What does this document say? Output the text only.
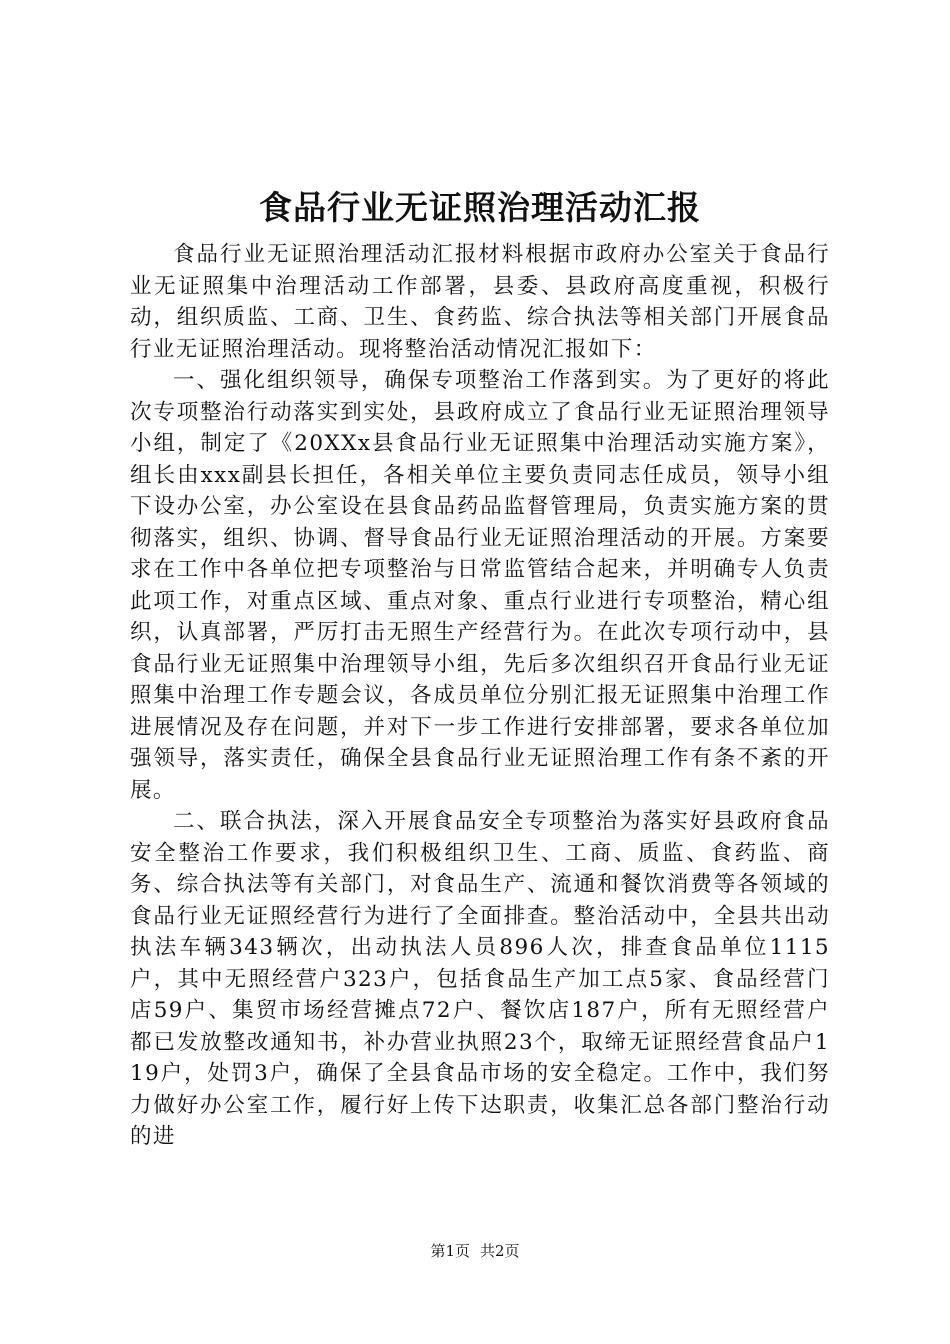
食品行业无证照治理活动汇报

食品行业无证照治理活动汇报材料根据市政府办公室关于食品行业无证照集中治理活动工作部署，县委、县政府高度重视，积极行动，组织质监、工商、卫生、食药监、综合执法等相关部门开展食品行业无证照治理活动。现将整治活动情况汇报如下：

一、强化组织领导，确保专项整治工作落到实。为了更好的将此次专项整治行动落实到实处，县政府成立了食品行业无证照治理领导小组，制定了《20XXx县食品行业无证照集中治理活动实施方案》，组长由xxx副县长担任，各相关单位主要负责同志任成员，领导小组下设办公室，办公室设在县食品药品监督管理局，负责实施方案的贯彻落实，组织、协调、督导食品行业无证照治理活动的开展。方案要求在工作中各单位把专项整治与日常监管结合起来，并明确专人负责此项工作，对重点区域、重点对象、重点行业进行专项整治，精心组织，认真部署，严厉打击无照生产经营行为。在此次专项行动中，县食品行业无证照集中治理领导小组，先后多次组织召开食品行业无证照集中治理工作专题会议，各成员单位分别汇报无证照集中治理工作进展情况及存在问题，并对下一步工作进行安排部署，要求各单位加强领导，落实责任，确保全县食品行业无证照治理工作有条不紊的开展。

二、联合执法，深入开展食品安全专项整治为落实好县政府食品安全整治工作要求，我们积极组织卫生、工商、质监、食药监、商务、综合执法等有关部门，对食品生产、流通和餐饮消费等各领域的食品行业无证照经营行为进行了全面排查。整治活动中，全县共出动执法车辆343辆次，出动执法人员896人次，排查食品单位1115户，其中无照经营户323户，包括食品生产加工点5家、食品经营门店59户、集贸市场经营摊点72户、餐饮店187户，所有无照经营户都已发放整改通知书，补办营业执照23个，取缔无证照经营食品户119户，处罚3户，确保了全县食品市场的安全稳定。工作中，我们努力做好办公室工作，履行好上传下达职责，收集汇总各部门整治行动的进

第1页 共2页
